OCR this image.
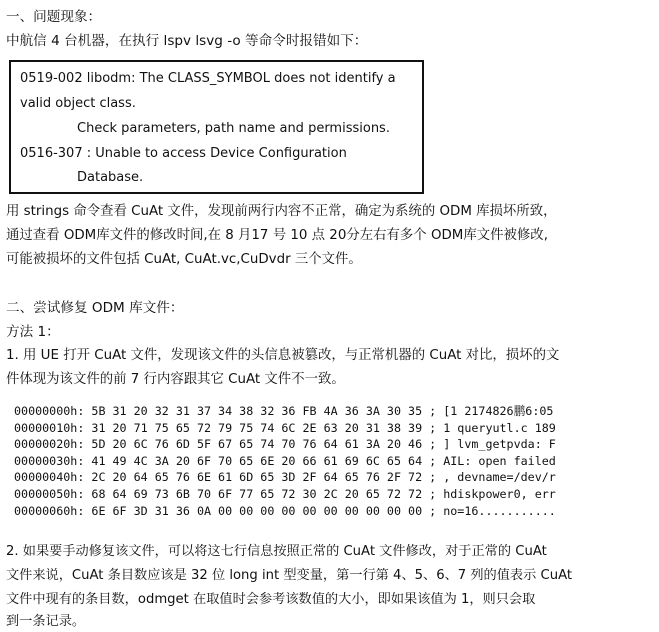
一、问题现象：
中航信 4 台机器，在执行 lspv lsvg -o 等命令时报错如下：
0519-002 libodm: The CLASS_SYMBOL does not identify a
valid object class.
Check parameters, path name and permissions.
0516-307 : Unable to access Device Configuration
Database.
用 strings 命令查看 CuAt 文件，发现前两行内容不正常，确定为系统的 ODM 库损坏所致，
通过查看 ODM库文件的修改时间,在 8 月17 号 10 点 20分左右有多个 ODM库文件被修改,
可能被损坏的文件包括 CuAt, CuAt.vc,CuDvdr 三个文件。
二、尝试修复 ODM 库文件：
方法 1：
1. 用 UE 打开 CuAt 文件，发现该文件的头信息被篡改，与正常机器的 CuAt 对比，损坏的文
件体现为该文件的前 7 行内容跟其它 CuAt 文件不一致。
00000000h: 5B 31 20 32 31 37 34 38 32 36 FB 4A 36 3A 30 35 ; [1 2174826鹏6:05
00000010h: 31 20 71 75 65 72 79 75 74 6C 2E 63 20 31 38 39 ; 1 queryutl.c 189
00000020h: 5D 20 6C 76 6D 5F 67 65 74 70 76 64 61 3A 20 46 ; ] lvm_getpvda: F
00000030h: 41 49 4C 3A 20 6F 70 65 6E 20 66 61 69 6C 65 64 ; AIL: open failed
00000040h: 2C 20 64 65 76 6E 61 6D 65 3D 2F 64 65 76 2F 72 ; , devname=/dev/r
00000050h: 68 64 69 73 6B 70 6F 77 65 72 30 2C 20 65 72 72 ; hdiskpower0, err
00000060h: 6E 6F 3D 31 36 0A 00 00 00 00 00 00 00 00 00 00 ; no=16...........
2. 如果要手动修复该文件，可以将这七行信息按照正常的 CuAt 文件修改，对于正常的 CuAt
文件来说，CuAt 条目数应该是 32 位 long int 型变量，第一行第 4、5、6、7 列的值表示 CuAt
文件中现有的条目数，odmget 在取值时会参考该数值的大小，即如果该值为 1，则只会取
到一条记录。
